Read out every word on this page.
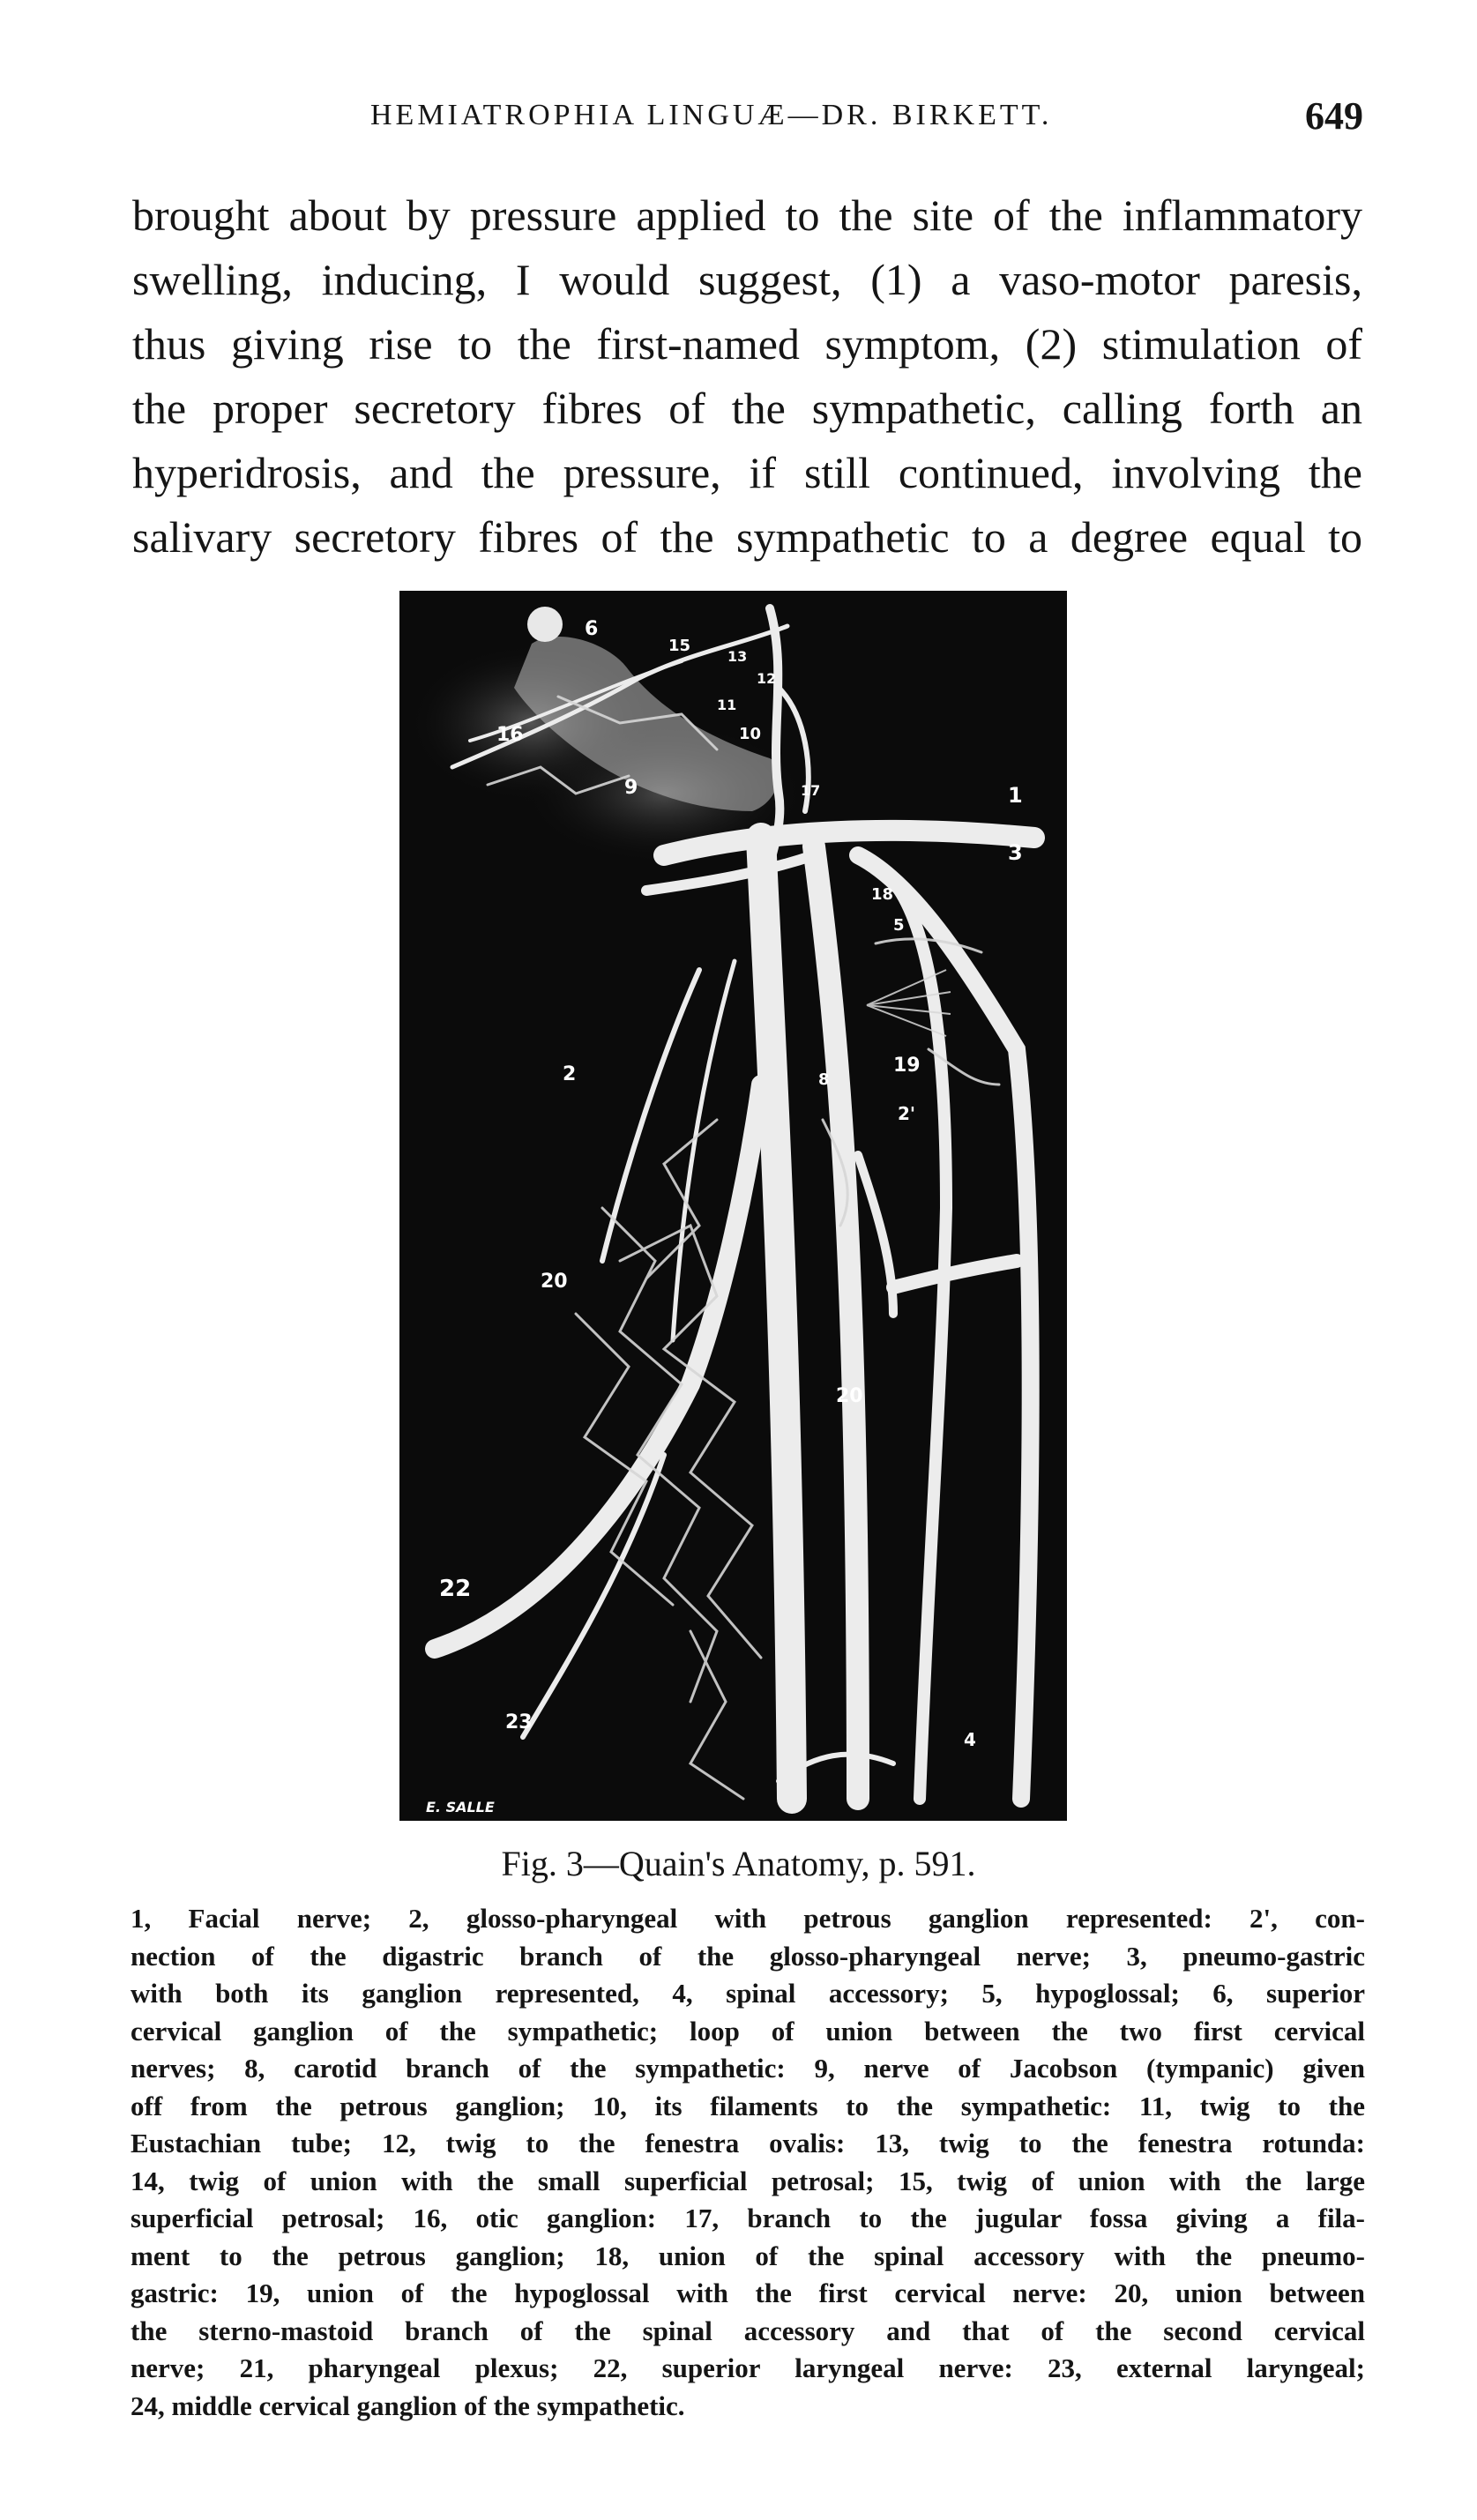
HEMIATROPHIA LINGUÆ—DR. BIRKETT.	649
brought about by pressure applied to the site of the inflammatory
swelling, inducing, I would suggest, (1) a vaso-motor paresis,
thus giving rise to the first-named symptom, (2) stimulation of
the proper secretory fibres of the sympathetic, calling forth an
hyperidrosis, and the pressure, if still continued, involving the
salivary secretory fibres of the sympathetic to a degree equal to
6
15
13
12
11
10
16
9	17	1
3
18
5
2	19
8
2'
20
20
22
23
4
E. SALLE
Fig. 3—Quain's Anatomy, p. 591.
1, Facial nerve; 2, glosso-pharyngeal with petrous ganglion represented: 2', con-
nection of the digastric branch of the glosso-pharyngeal nerve; 3, pneumo-gastric
with both its ganglion represented, 4, spinal accessory; 5, hypoglossal; 6, superior
cervical ganglion of the sympathetic; loop of union between the two first cervical
nerves; 8, carotid branch of the sympathetic: 9, nerve of Jacobson (tympanic) given
off from the petrous ganglion; 10, its filaments to the sympathetic: 11, twig to the
Eustachian tube; 12, twig to the fenestra ovalis: 13, twig to the fenestra rotunda:
14, twig of union with the small superficial petrosal; 15, twig of union with the large
superficial petrosal; 16, otic ganglion: 17, branch to the jugular fossa giving a fila-
ment to the petrous ganglion; 18, union of the spinal accessory with the pneumo-
gastric: 19, union of the hypoglossal with the first cervical nerve: 20, union between
the sterno-mastoid branch of the spinal accessory and that of the second cervical
nerve; 21, pharyngeal plexus; 22, superior laryngeal nerve: 23, external laryngeal;
24, middle cervical ganglion of the sympathetic.
